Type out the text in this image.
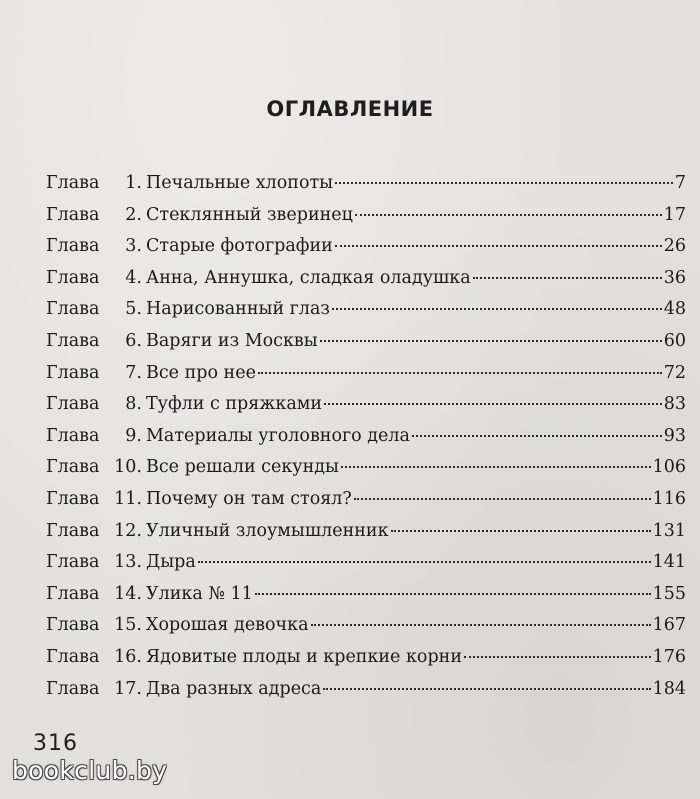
ОГЛАВЛЕНИЕ
Глава	1. Печальные хлопоты	7
Глава	2. Стеклянный зверинец	17
Глава	3. Старые фотографии	26
Глава	4. Анна, Аннушка, сладкая оладушка	36
Глава	5. Нарисованный глаз	48
Глава	6. Варяги из Москвы	60
Глава	7. Все про нее	72
Глава	8. Туфли с пряжками	83
Глава	9. Материалы уголовного дела	93
Глава 10. Все решали секунды	106
Глава 11. Почему он там стоял?	116
Глава 12. Уличный злоумышленник	131
Глава 13. Дыра	141
Глава 14. Улика № 11	155
Глава 15. Хорошая девочка	167
Глава 16. Ядовитые плоды и крепкие корни	176
Глава 17. Два разных адреса	184
316
bookclub.by
